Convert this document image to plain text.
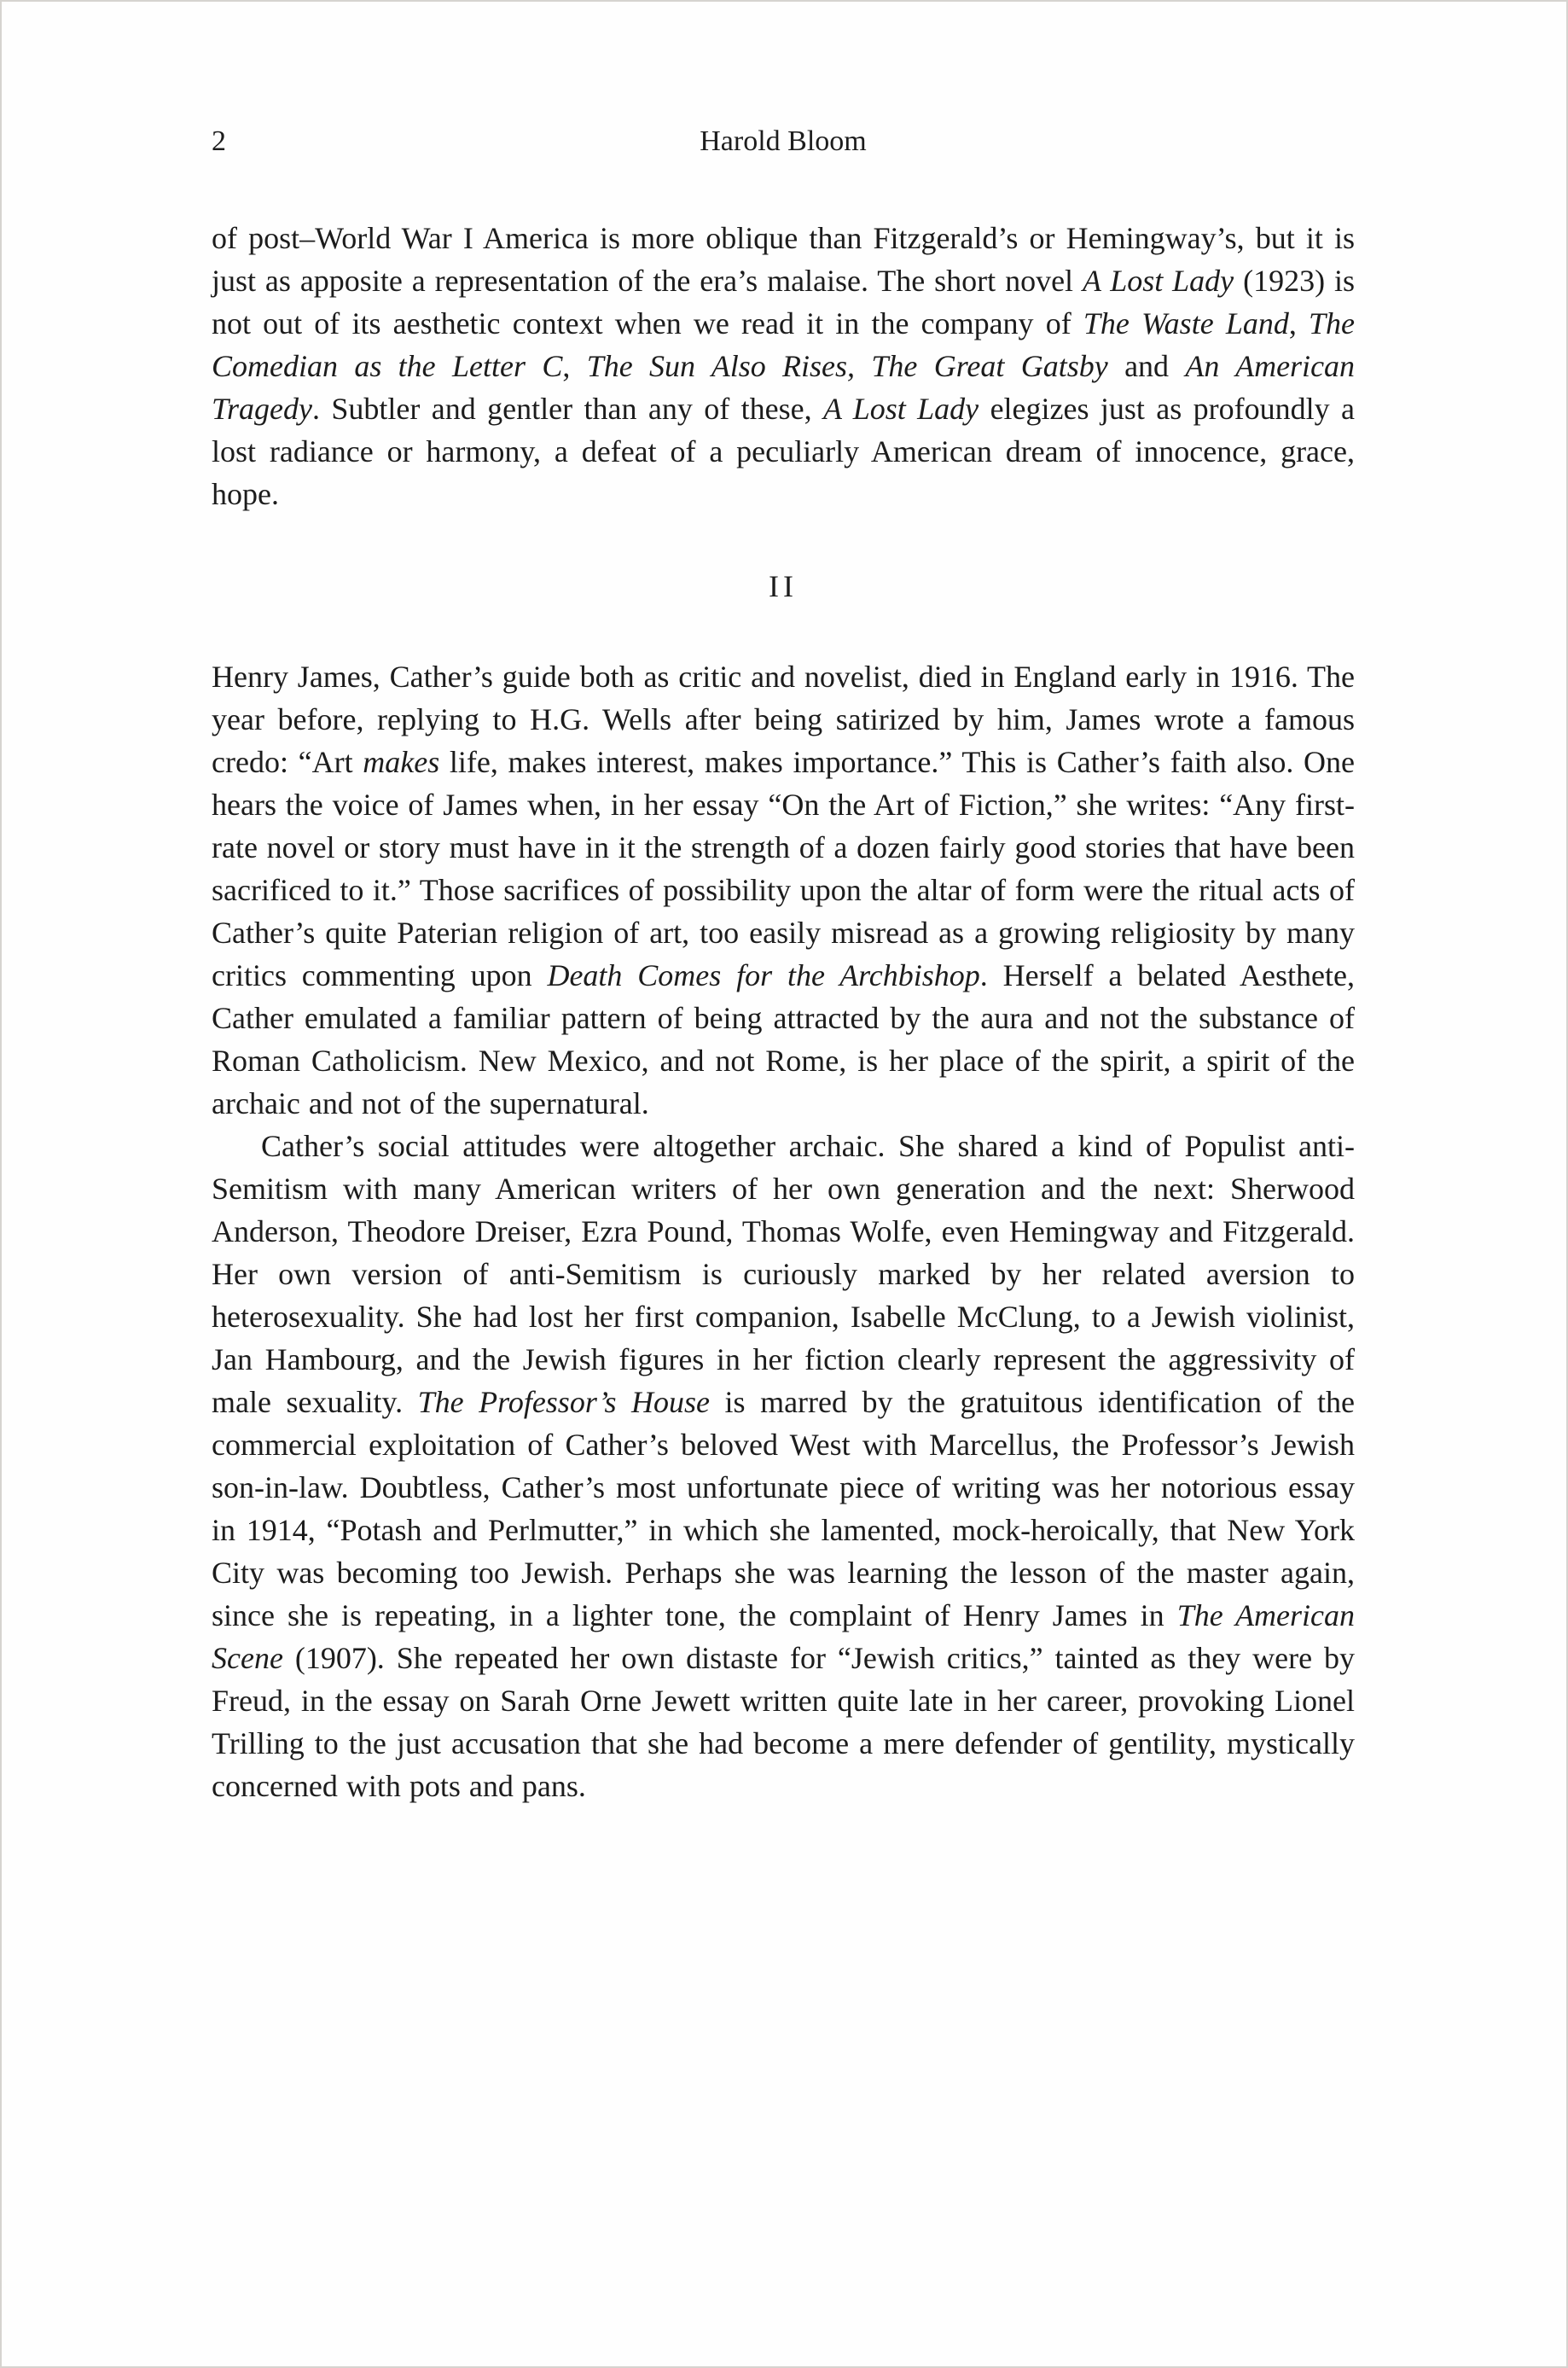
2	Harold Bloom

of post–World War I America is more oblique than Fitzgerald’s or Hemingway’s, but it is just as apposite a representation of the era’s malaise. The short novel A Lost Lady (1923) is not out of its aesthetic context when we read it in the company of The Waste Land, The Comedian as the Letter C, The Sun Also Rises, The Great Gatsby and An American Tragedy. Subtler and gentler than any of these, A Lost Lady elegizes just as profoundly a lost radiance or harmony, a defeat of a peculiarly American dream of innocence, grace, hope.

II

Henry James, Cather’s guide both as critic and novelist, died in England early in 1916. The year before, replying to H.G. Wells after being satirized by him, James wrote a famous credo: “Art makes life, makes interest, makes importance.” This is Cather’s faith also. One hears the voice of James when, in her essay “On the Art of Fiction,” she writes: “Any first-rate novel or story must have in it the strength of a dozen fairly good stories that have been sacrificed to it.” Those sacrifices of possibility upon the altar of form were the ritual acts of Cather’s quite Paterian religion of art, too easily misread as a growing religiosity by many critics commenting upon Death Comes for the Archbishop. Herself a belated Aesthete, Cather emulated a familiar pattern of being attracted by the aura and not the substance of Roman Catholicism. New Mexico, and not Rome, is her place of the spirit, a spirit of the archaic and not of the supernatural.

Cather’s social attitudes were altogether archaic. She shared a kind of Populist anti-Semitism with many American writers of her own generation and the next: Sherwood Anderson, Theodore Dreiser, Ezra Pound, Thomas Wolfe, even Hemingway and Fitzgerald. Her own version of anti-Semitism is curiously marked by her related aversion to heterosexuality. She had lost her first companion, Isabelle McClung, to a Jewish violinist, Jan Hambourg, and the Jewish figures in her fiction clearly represent the aggressivity of male sexuality. The Professor’s House is marred by the gratuitous identification of the commercial exploitation of Cather’s beloved West with Marcellus, the Professor’s Jewish son-in-law. Doubtless, Cather’s most unfortunate piece of writing was her notorious essay in 1914, “Potash and Perlmutter,” in which she lamented, mock-heroically, that New York City was becoming too Jewish. Perhaps she was learning the lesson of the master again, since she is repeating, in a lighter tone, the complaint of Henry James in The American Scene (1907). She repeated her own distaste for “Jewish critics,” tainted as they were by Freud, in the essay on Sarah Orne Jewett written quite late in her career, provoking Lionel Trilling to the just accusation that she had become a mere defender of gentility, mystically concerned with pots and pans.
